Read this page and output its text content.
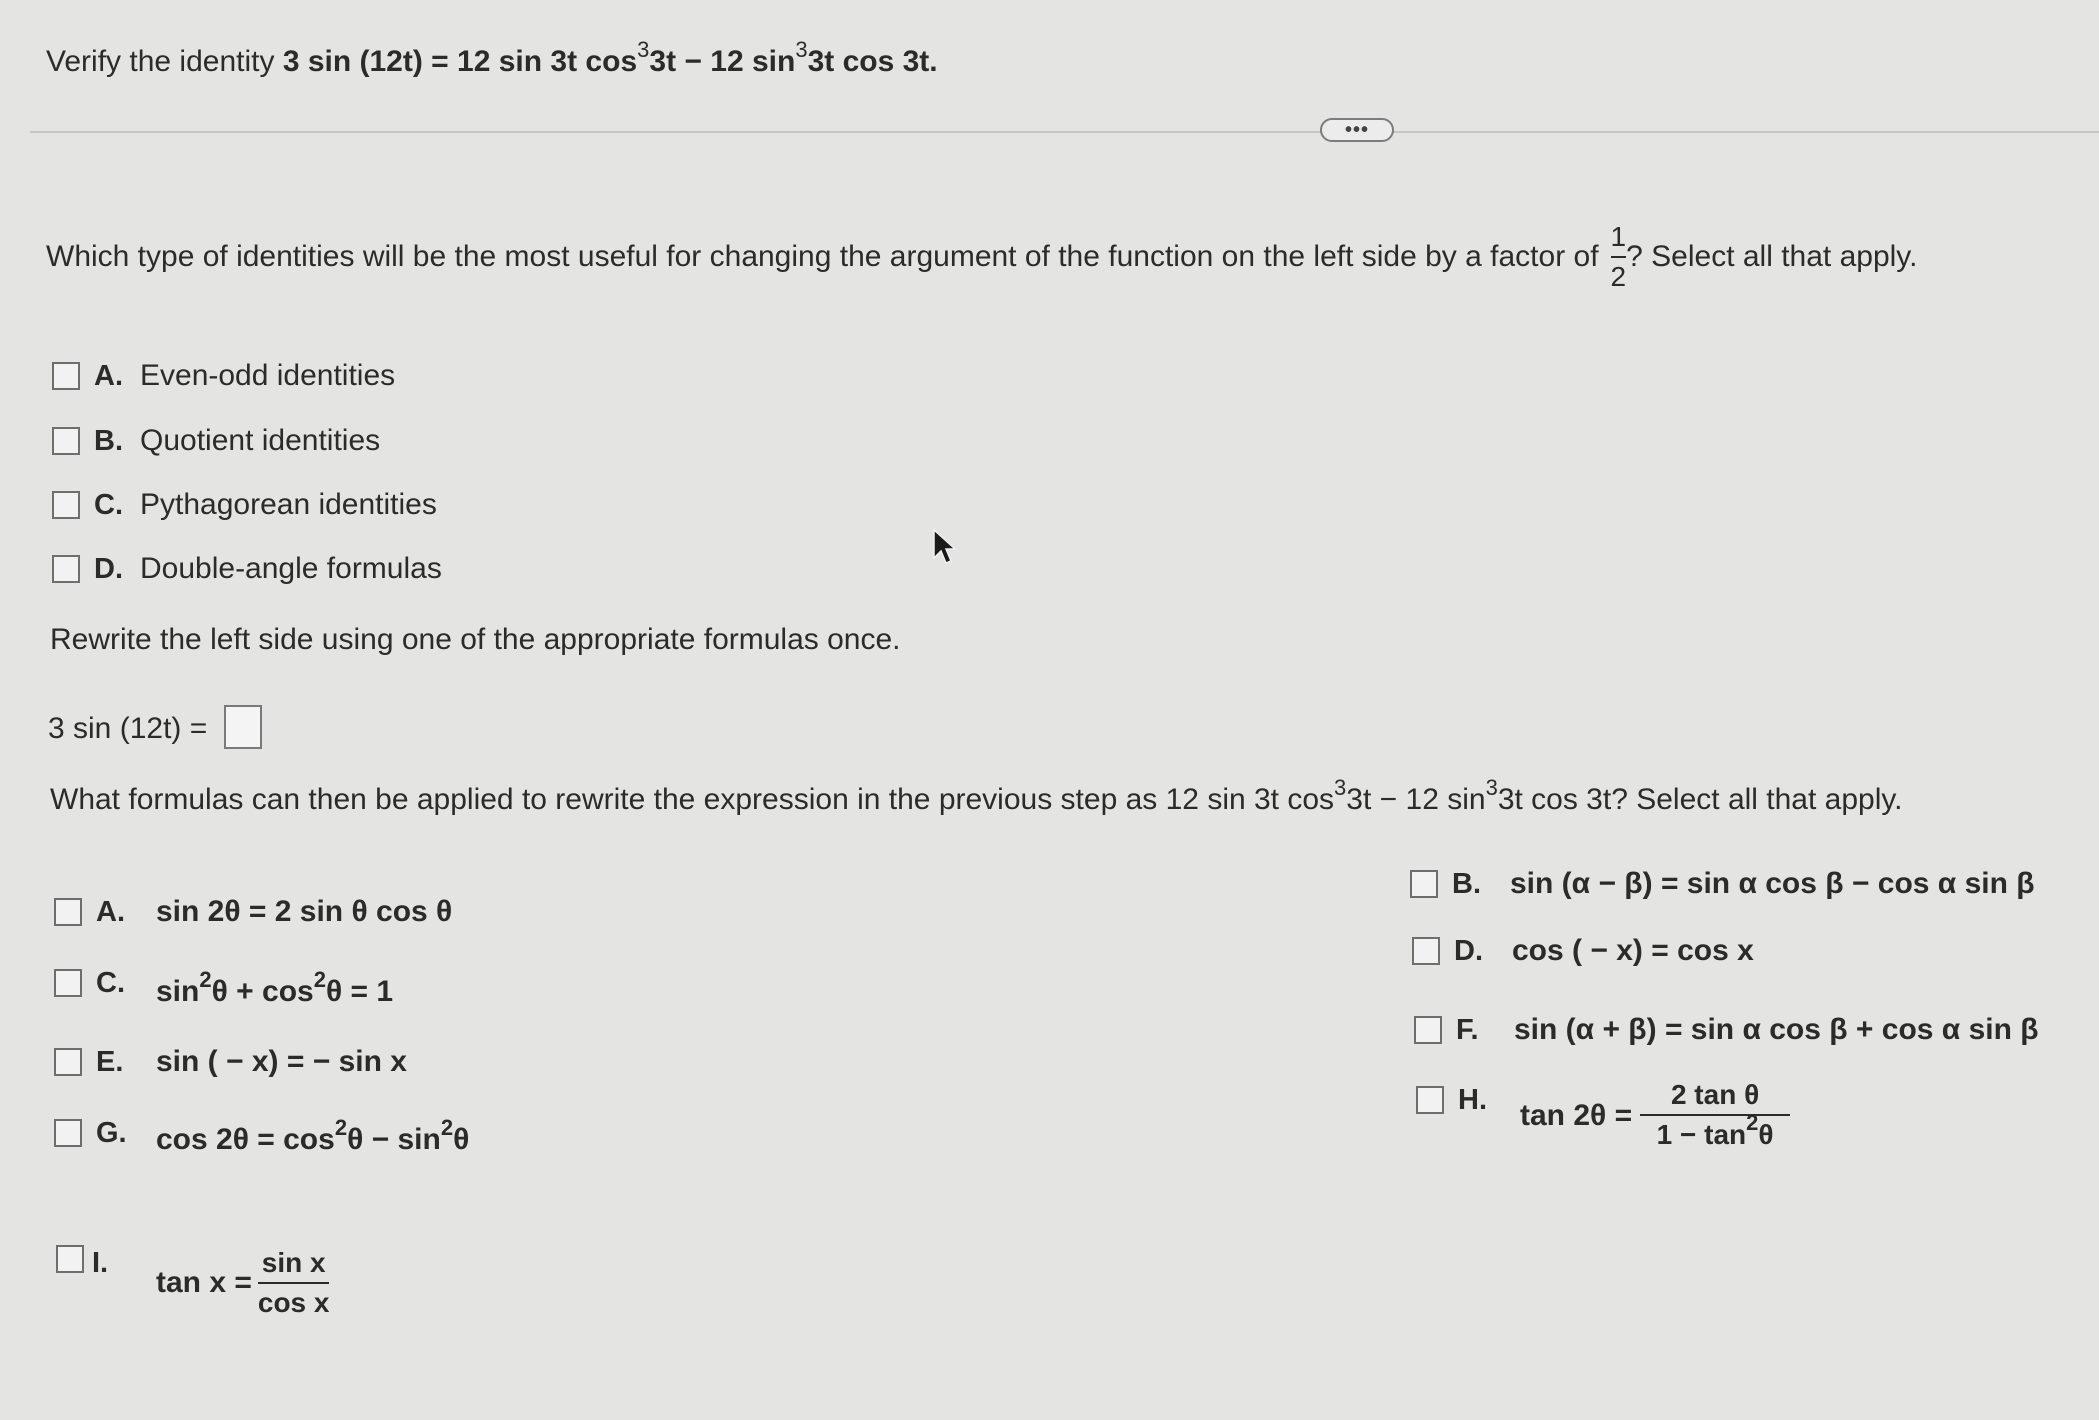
Verify the identity 3 sin (12t) = 12 sin 3t $\cos^33t - 12$ $\sin^33t$ cos 3t.
•••
Which type of identities will be the most useful for changing the argument of the function on the left side by a factor of $\frac{1}{2}$ ? Select all that apply.
A. Even-odd identities
B. Quotient identities
C. Pythagorean identities
D. Double-angle formulas
Rewrite the left side using one of the appropriate formulas once.
3 sin (12t) =
What formulas can then be applied to rewrite the expression in the previous step as 12 sin 3t $\cos^33t - 12$ $\sin^33t$ cos 3t? Select all that apply.
A.	sin 2θ = 2 sin θ cos θ
C.	$\sin^2\theta + \cos^2\theta = 1$
E.	sin ( − x) = − sin x
G. $\cos 2\theta = \cos^2\theta - \sin^2\theta$
I.
$\tan x = \frac{\text{sin x}}{\text{cos x}}$
B. sin (α − β) = sin α cos β − cos α sin β
D. cos ( − x) = cos x
F.	sin (α + β) = sin α cos β + cos α sin β
H.	$\tan 2\theta = \frac{\text{2 tan θ}}{1 - \tan^2\theta}$
